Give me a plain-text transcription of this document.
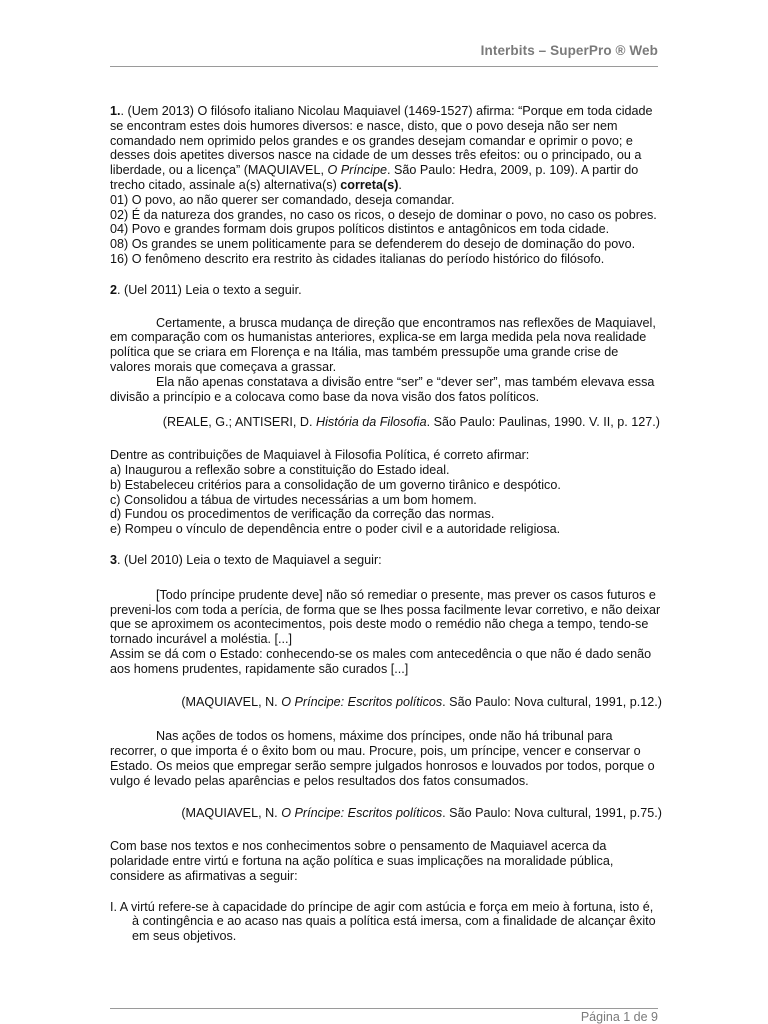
Interbits – SuperPro ® Web

1.. (Uem 2013) O filósofo italiano Nicolau Maquiavel (1469-1527) afirma: “Porque em toda cidade se encontram estes dois humores diversos: e nasce, disto, que o povo deseja não ser nem comandado nem oprimido pelos grandes e os grandes desejam comandar e oprimir o povo; e desses dois apetites diversos nasce na cidade de um desses três efeitos: ou o principado, ou a liberdade, ou a licença” (MAQUIAVEL, O Príncipe. São Paulo: Hedra, 2009, p. 109). A partir do trecho citado, assinale a(s) alternativa(s) correta(s).

01) O povo, ao não querer ser comandado, deseja comandar.

02) É da natureza dos grandes, no caso os ricos, o desejo de dominar o povo, no caso os pobres.

04) Povo e grandes formam dois grupos políticos distintos e antagônicos em toda cidade.

08) Os grandes se unem politicamente para se defenderem do desejo de dominação do povo.

16) O fenômeno descrito era restrito às cidades italianas do período histórico do filósofo.

2. (Uel 2011) Leia o texto a seguir.

Certamente, a brusca mudança de direção que encontramos nas reflexões de Maquiavel, em comparação com os humanistas anteriores, explica-se em larga medida pela nova realidade política que se criara em Florença e na Itália, mas também pressupõe uma grande crise de valores morais que começava a grassar.

Ela não apenas constatava a divisão entre “ser” e “dever ser”, mas também elevava essa divisão a princípio e a colocava como base da nova visão dos fatos políticos.

(REALE, G.; ANTISERI, D. História da Filosofia. São Paulo: Paulinas, 1990. V. II, p. 127.)

Dentre as contribuições de Maquiavel à Filosofia Política, é correto afirmar:

a) Inaugurou a reflexão sobre a constituição do Estado ideal.

b) Estabeleceu critérios para a consolidação de um governo tirânico e despótico.

c) Consolidou a tábua de virtudes necessárias a um bom homem.

d) Fundou os procedimentos de verificação da correção das normas.

e) Rompeu o vínculo de dependência entre o poder civil e a autoridade religiosa.

3. (Uel 2010) Leia o texto de Maquiavel a seguir:

[Todo príncipe prudente deve] não só remediar o presente, mas prever os casos futuros e preveni-los com toda a perícia, de forma que se lhes possa facilmente levar corretivo, e não deixar que se aproximem os acontecimentos, pois deste modo o remédio não chega a tempo, tendo-se tornado incurável a moléstia. [...]

Assim se dá com o Estado: conhecendo-se os males com antecedência o que não é dado senão aos homens prudentes, rapidamente são curados [...]

(MAQUIAVEL, N. O Príncipe: Escritos políticos. São Paulo: Nova cultural, 1991, p.12.)

Nas ações de todos os homens, máxime dos príncipes, onde não há tribunal para recorrer, o que importa é o êxito bom ou mau. Procure, pois, um príncipe, vencer e conservar o Estado. Os meios que empregar serão sempre julgados honrosos e louvados por todos, porque o vulgo é levado pelas aparências e pelos resultados dos fatos consumados.

(MAQUIAVEL, N. O Príncipe: Escritos políticos. São Paulo: Nova cultural, 1991, p.75.)

Com base nos textos e nos conhecimentos sobre o pensamento de Maquiavel acerca da polaridade entre virtú e fortuna na ação política e suas implicações na moralidade pública, considere as afirmativas a seguir:

I. A virtú refere-se à capacidade do príncipe de agir com astúcia e força em meio à fortuna, isto é, à contingência e ao acaso nas quais a política está imersa, com a finalidade de alcançar êxito em seus objetivos.

Página 1 de 9
